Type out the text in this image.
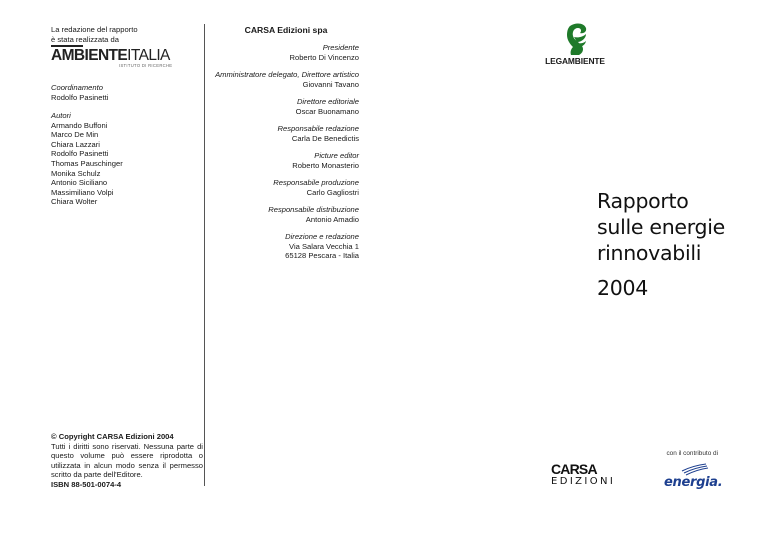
La redazione del rapporto
è stata realizzata da
AMBIENTEITALIA
ISTITUTO DI RICERCHE
Coordinamento
Rodolfo Pasinetti
Autori
Armando Buffoni
Marco De Min
Chiara Lazzari
Rodolfo Pasinetti
Thomas Pauschinger
Monika Schulz
Antonio Siciliano
Massimiliano Volpi
Chiara Wolter
© Copyright CARSA Edizioni 2004
Tutti i diritti sono riservati. Nessuna parte di questo volume può essere riprodotta o utilizzata in alcun modo senza il permesso scritto da parte dell'Editore.
ISBN 88-501-0074-4
CARSA Edizioni spa
Presidente
Roberto Di Vincenzo
Amministratore delegato, Direttore artistico
Giovanni Tavano
Direttore editoriale
Oscar Buonamano
Responsabile redazione
Carla De Benedictis
Picture editor
Roberto Monasterio
Responsabile produzione
Carlo Gagliostri
Responsabile distribuzione
Antonio Amadio
Direzione e redazione
Via Salara Vecchia 1
65128 Pescara - Italia
LEGAMBIENTE
Rapporto
sulle energie
rinnovabili
2004
con il contributo di
CARSA
EDIZIONI	energia.
